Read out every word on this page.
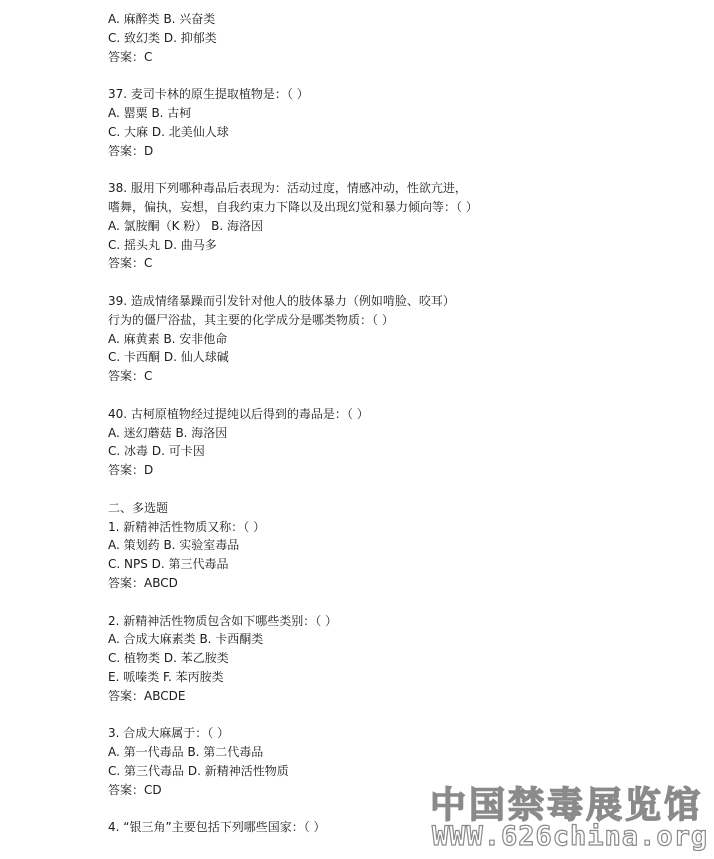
A. 麻醉类 B. 兴奋类
C. 致幻类 D. 抑郁类
答案：C
37. 麦司卡林的原生提取植物是：（ ）
A. 罂粟 B. 古柯
C. 大麻 D. 北美仙人球
答案：D
38. 服用下列哪种毒品后表现为：活动过度，情感冲动，性欲亢进，
嗜舞，偏执，妄想，自我约束力下降以及出现幻觉和暴力倾向等：（ ）
A. 氯胺酮（K 粉） B. 海洛因
C. 摇头丸 D. 曲马多
答案：C
39. 造成情绪暴躁而引发针对他人的肢体暴力（例如啃脸、咬耳）
行为的僵尸浴盐，其主要的化学成分是哪类物质：（ ）
A. 麻黄素 B. 安非他命
C. 卡西酮 D. 仙人球碱
答案：C
40. 古柯原植物经过提纯以后得到的毒品是：（ ）
A. 迷幻蘑菇 B. 海洛因
C. 冰毒 D. 可卡因
答案：D
二、多选题
1. 新精神活性物质又称：（ ）
A. 策划药 B. 实验室毒品
C. NPS D. 第三代毒品
答案：ABCD
2. 新精神活性物质包含如下哪些类别：（ ）
A. 合成大麻素类 B. 卡西酮类
C. 植物类 D. 苯乙胺类
E. 哌嗪类 F. 苯丙胺类
答案：ABCDE
3. 合成大麻属于：（ ）
A. 第一代毒品 B. 第二代毒品
C. 第三代毒品 D. 新精神活性物质
答案：CD
4. “银三角”主要包括下列哪些国家：（ ）
中国禁毒展览馆
WWW.626china.org
